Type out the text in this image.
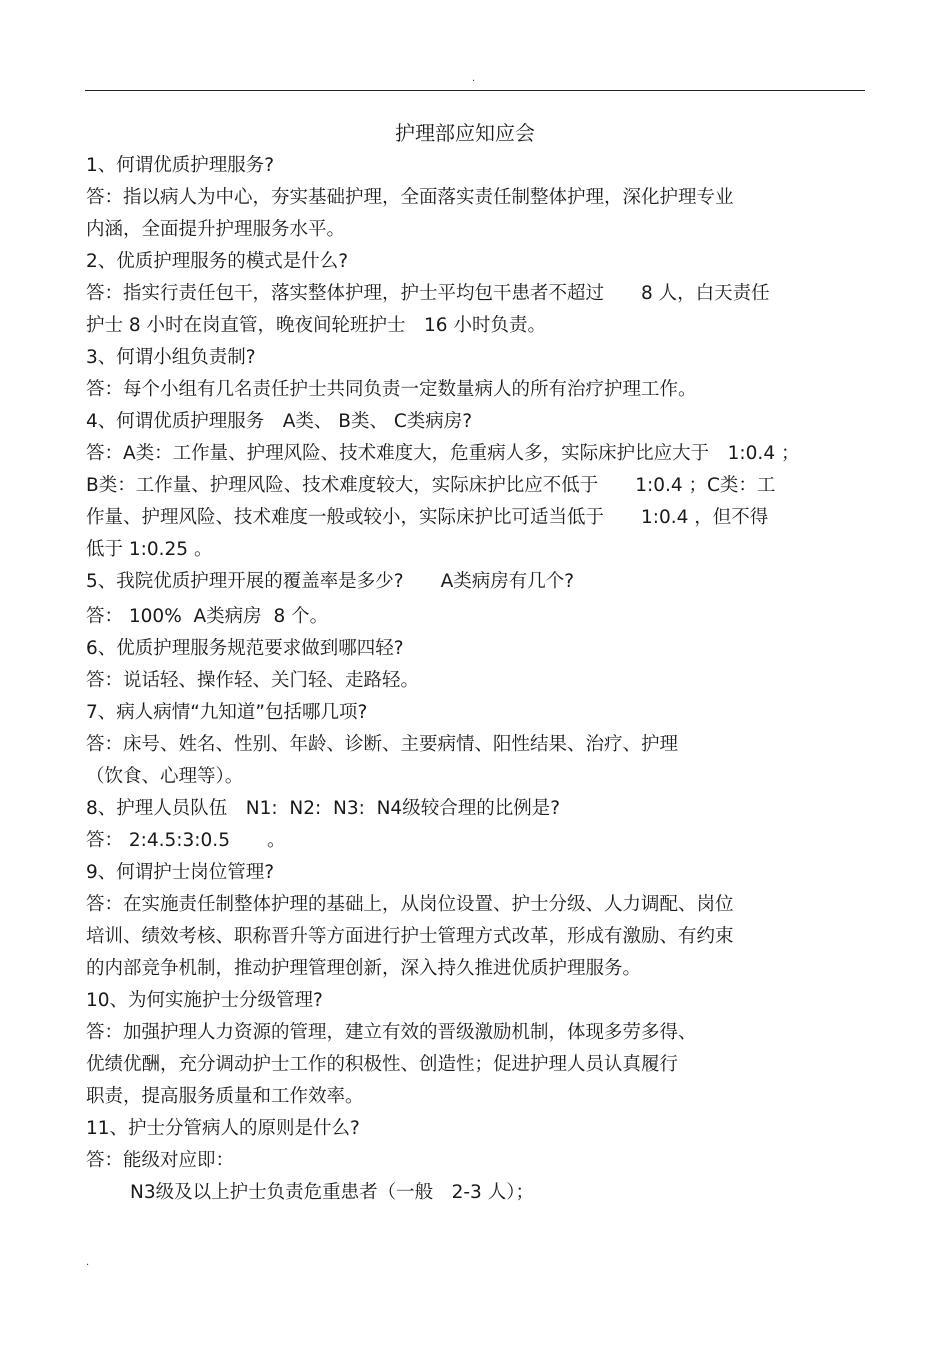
.
护理部应知应会
1、何谓优质护理服务?
答：指以病人为中心，夯实基础护理，全面落实责任制整体护理，深化护理专业
内涵，全面提升护理服务水平。
2、优质护理服务的模式是什么?
答：指实行责任包干，落实整体护理，护士平均包干患者不超过　　8 人，白天责任
护士 8 小时在岗直管，晚夜间轮班护士　16 小时负责。
3、何谓小组负责制?
答：每个小组有几名责任护士共同负责一定数量病人的所有治疗护理工作。
4、何谓优质护理服务　A类、 B类、 C类病房?
答：A类：工作量、护理风险、技术难度大，危重病人多，实际床护比应大于　1:0.4 ；
B类：工作量、护理风险、技术难度较大，实际床护比应不低于　　1:0.4 ；C类：工
作量、护理风险、技术难度一般或较小，实际床护比可适当低于　　1:0.4 ，但不得
低于 1:0.25 。
5、我院优质护理开展的覆盖率是多少?　　A类病房有几个?
答： 100%  A类病房  8 个。
6、优质护理服务规范要求做到哪四轻?
答：说话轻、操作轻、关门轻、走路轻。
7、病人病情“九知道”包括哪几项?
答：床号、姓名、性别、年龄、诊断、主要病情、阳性结果、治疗、护理
（饮食、心理等）。
8、护理人员队伍　N1:  N2:  N3:  N4级较合理的比例是?
答： 2:4.5:3:0.5　　。
9、何谓护士岗位管理?
答：在实施责任制整体护理的基础上，从岗位设置、护士分级、人力调配、岗位
培训、绩效考核、职称晋升等方面进行护士管理方式改革，形成有激励、有约束
的内部竞争机制，推动护理管理创新，深入持久推进优质护理服务。
10、为何实施护士分级管理?
答：加强护理人力资源的管理，建立有效的晋级激励机制，体现多劳多得、
优绩优酬，充分调动护士工作的积极性、创造性；促进护理人员认真履行
职责，提高服务质量和工作效率。
11、护士分管病人的原则是什么?
答：能级对应即：
N3级及以上护士负责危重患者（一般　2-3 人）；
.
